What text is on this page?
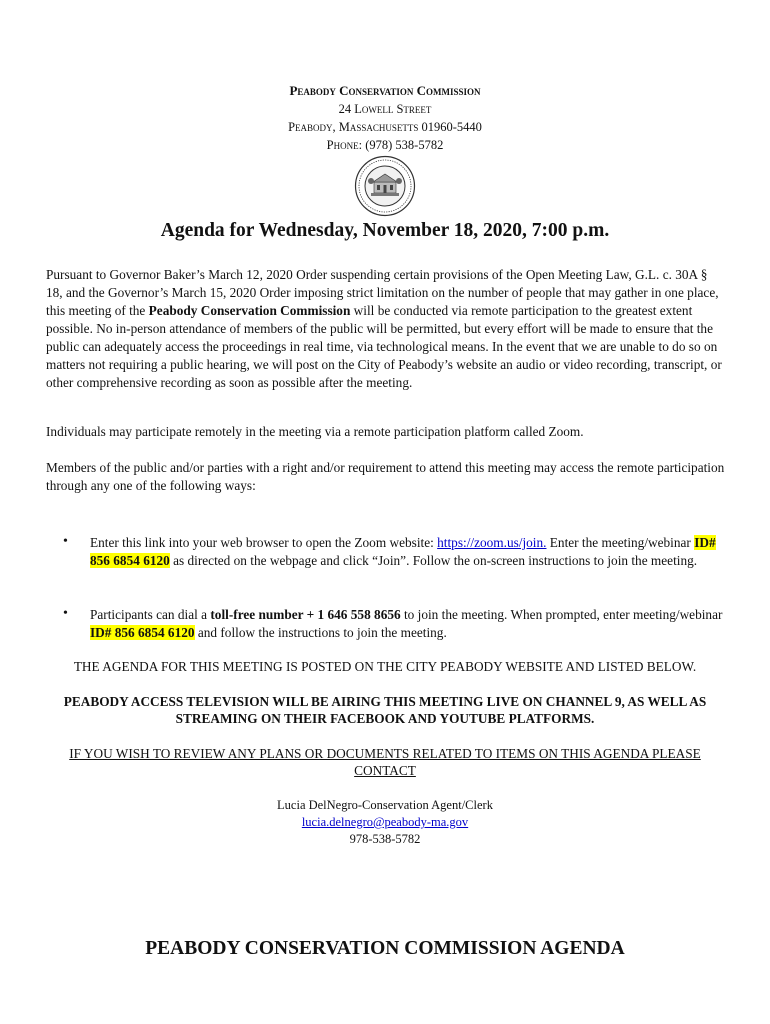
Peabody Conservation Commission
24 Lowell Street
Peabody, Massachusetts 01960-5440
Phone: (978) 538-5782
Agenda for Wednesday, November 18, 2020, 7:00 p.m.
Pursuant to Governor Baker’s March 12, 2020 Order suspending certain provisions of the Open Meeting Law, G.L. c. 30A § 18, and the Governor’s March 15, 2020 Order imposing strict limitation on the number of people that may gather in one place, this meeting of the Peabody Conservation Commission will be conducted via remote participation to the greatest extent possible. No in-person attendance of members of the public will be permitted, but every effort will be made to ensure that the public can adequately access the proceedings in real time, via technological means. In the event that we are unable to do so on matters not requiring a public hearing, we will post on the City of Peabody’s website an audio or video recording, transcript, or other comprehensive recording as soon as possible after the meeting.
Individuals may participate remotely in the meeting via a remote participation platform called Zoom.
Members of the public and/or parties with a right and/or requirement to attend this meeting may access the remote participation through any one of the following ways:
• Enter this link into your web browser to open the Zoom website: https://zoom.us/join. Enter the meeting/webinar ID# 856 6854 6120 as directed on the webpage and click “Join”. Follow the on-screen instructions to join the meeting.
• Participants can dial a toll-free number + 1 646 558 8656 to join the meeting. When prompted, enter meeting/webinar ID# 856 6854 6120 and follow the instructions to join the meeting.
THE AGENDA FOR THIS MEETING IS POSTED ON THE CITY PEABODY WEBSITE AND LISTED BELOW.
PEABODY ACCESS TELEVISION WILL BE AIRING THIS MEETING LIVE ON CHANNEL 9, AS WELL AS STREAMING ON THEIR FACEBOOK AND YOUTUBE PLATFORMS.
IF YOU WISH TO REVIEW ANY PLANS OR DOCUMENTS RELATED TO ITEMS ON THIS AGENDA PLEASE CONTACT
Lucia DelNegro-Conservation Agent/Clerk
lucia.delnegro@peabody-ma.gov
978-538-5782
PEABODY CONSERVATION COMMISSION AGENDA
